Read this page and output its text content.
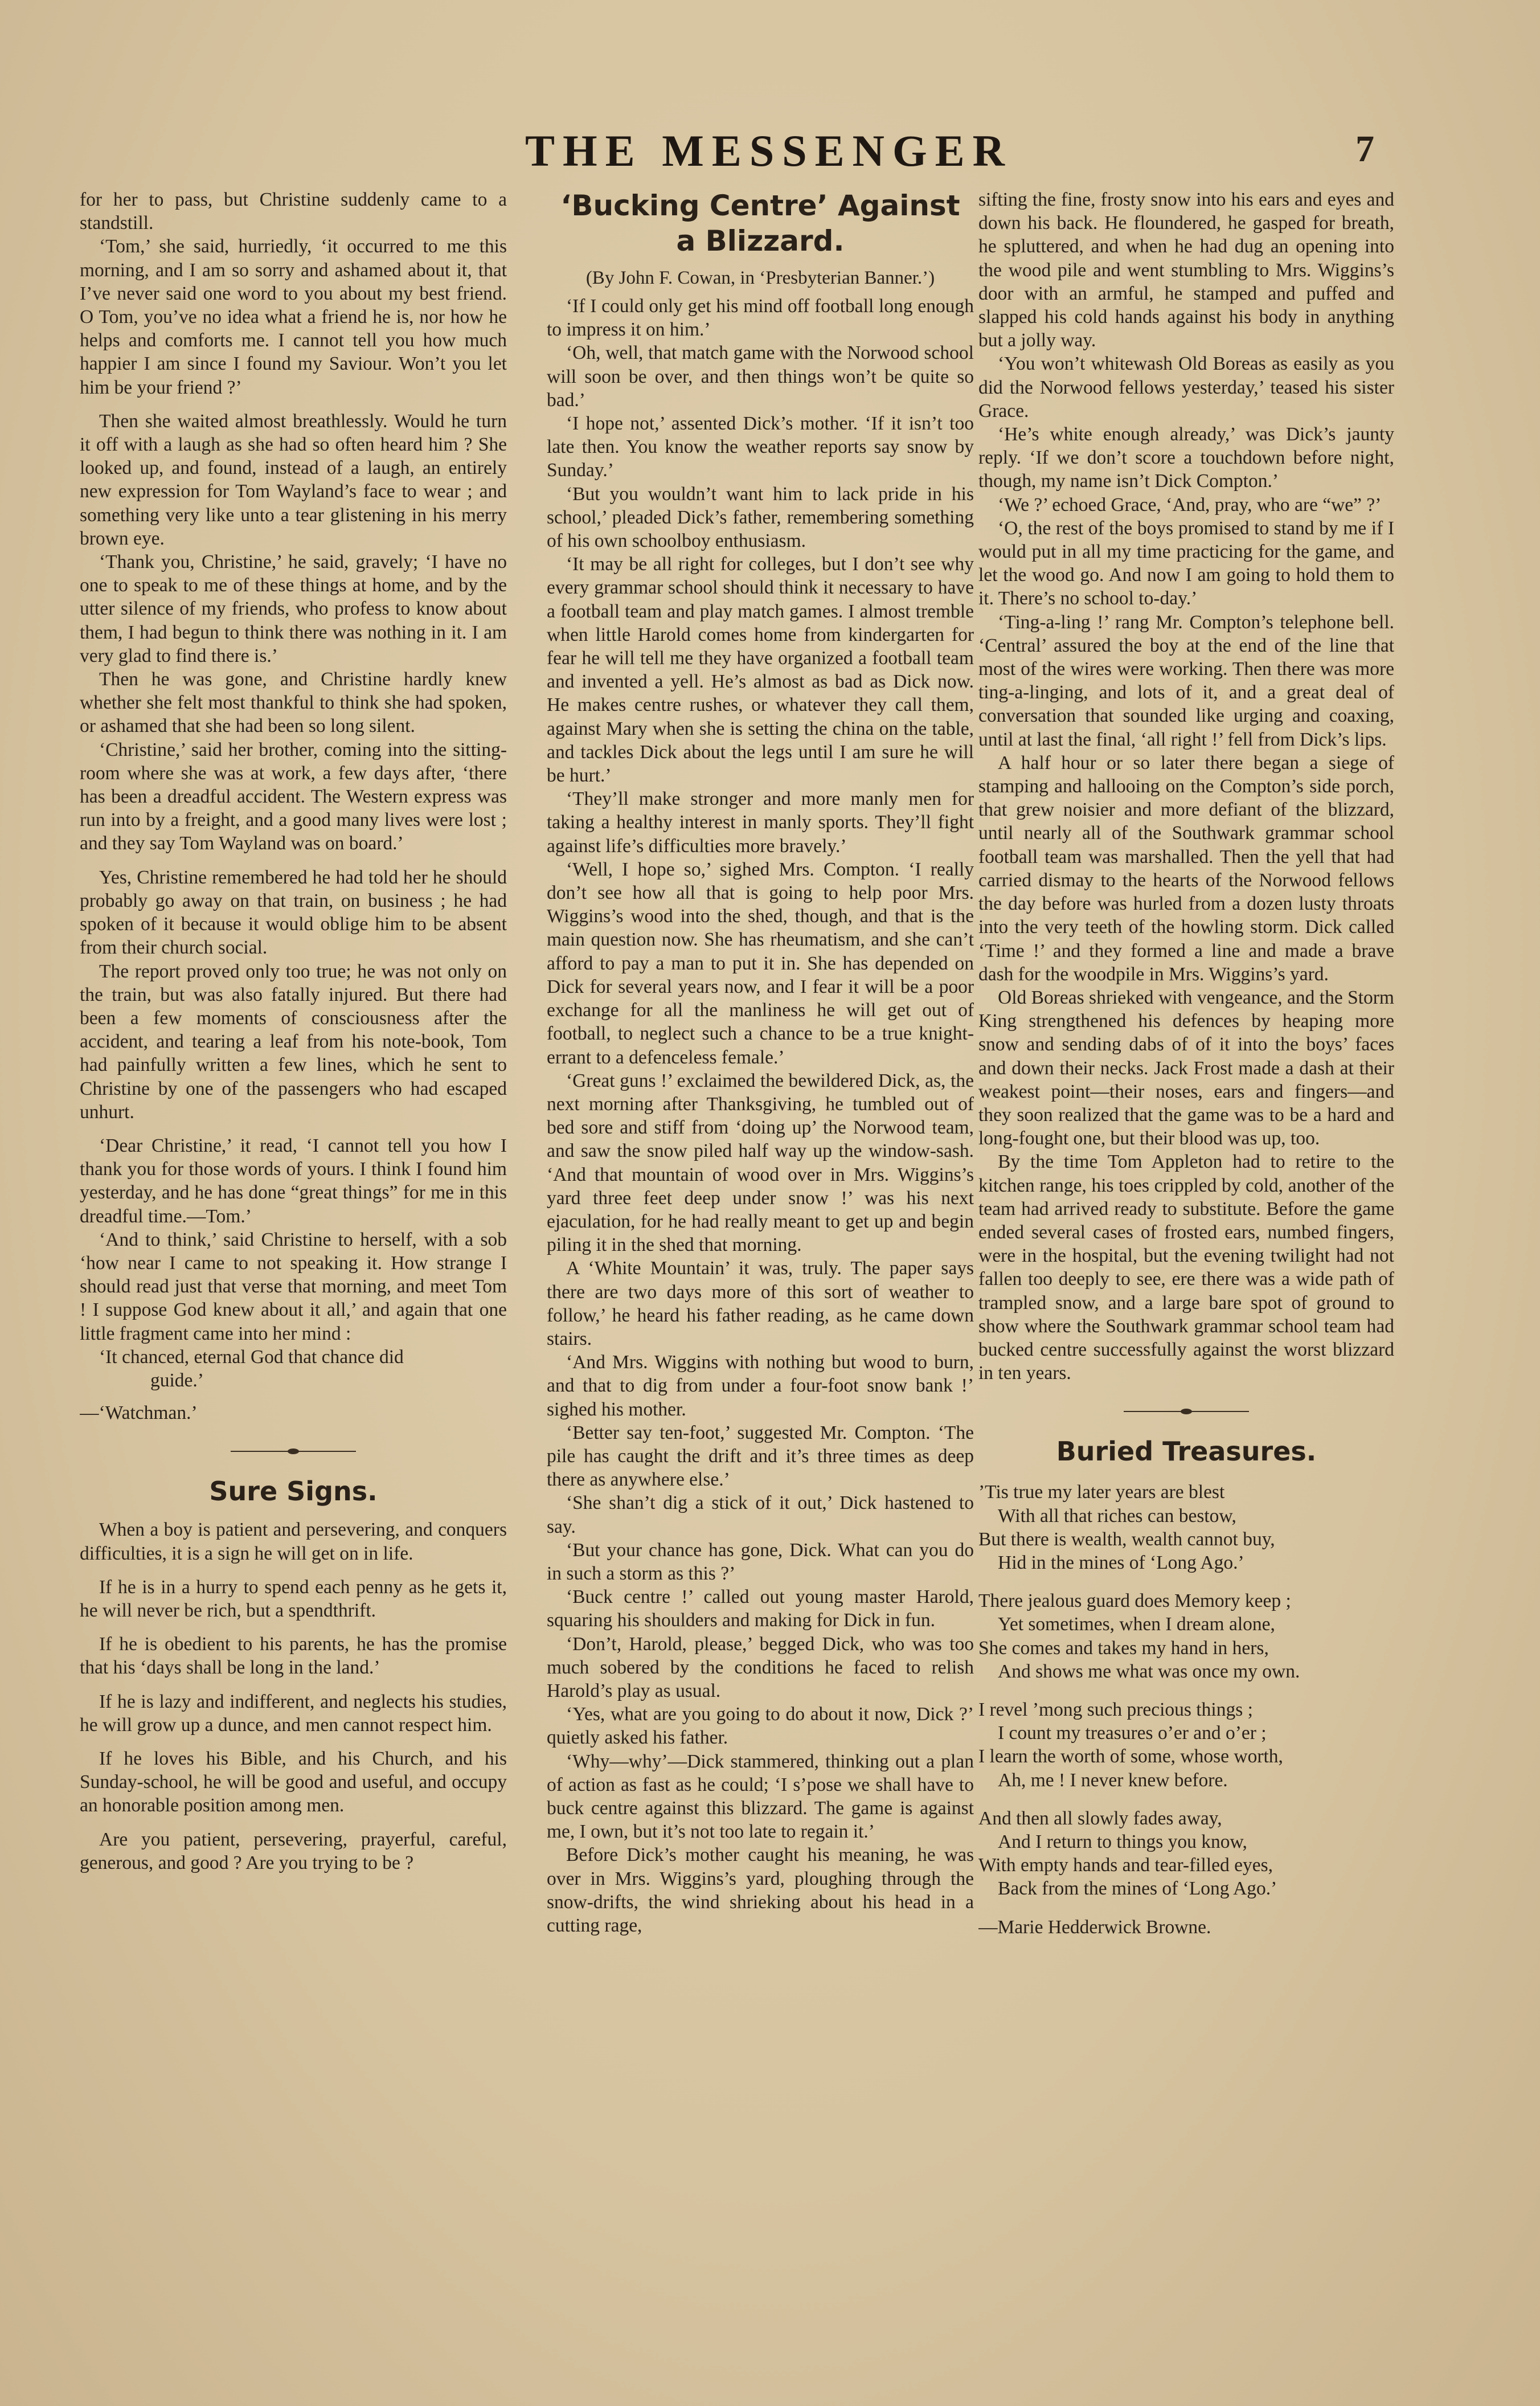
THE MESSENGER	7

for her to pass, but Christine suddenly came to a standstill.

‘Tom,’ she said, hurriedly, ‘it occurred to me this morning, and I am so sorry and ashamed about it, that I’ve never said one word to you about my best friend. O Tom, you’ve no idea what a friend he is, nor how he helps and comforts me. I cannot tell you how much happier I am since I found my Saviour. Won’t you let him be your friend ?’

Then she waited almost breathlessly. Would he turn it off with a laugh as she had so often heard him ? She looked up, and found, instead of a laugh, an entirely new expression for Tom Wayland’s face to wear ; and something very like unto a tear glistening in his merry brown eye.

‘Thank you, Christine,’ he said, gravely; ‘I have no one to speak to me of these things at home, and by the utter silence of my friends, who profess to know about them, I had begun to think there was nothing in it. I am very glad to find there is.’

Then he was gone, and Christine hardly knew whether she felt most thankful to think she had spoken, or ashamed that she had been so long silent.

‘Christine,’ said her brother, coming into the sitting-room where she was at work, a few days after, ‘there has been a dreadful accident. The Western express was run into by a freight, and a good many lives were lost ; and they say Tom Wayland was on board.’

Yes, Christine remembered he had told her he should probably go away on that train, on business ; he had spoken of it because it would oblige him to be absent from their church social.

The report proved only too true; he was not only on the train, but was also fatally injured. But there had been a few moments of consciousness after the accident, and tearing a leaf from his note-book, Tom had painfully written a few lines, which he sent to Christine by one of the passengers who had escaped unhurt.

‘Dear Christine,’ it read, ‘I cannot tell you how I thank you for those words of yours. I think I found him yesterday, and he has done “great things” for me in this dreadful time.—Tom.’

‘And to think,’ said Christine to herself, with a sob ‘how near I came to not speaking it. How strange I should read just that verse that morning, and meet Tom ! I suppose God knew about it all,’ and again that one little fragment came into her mind :

‘It chanced, eternal God that chance did
guide.’

—‘Watchman.’

Sure Signs.

When a boy is patient and persevering, and conquers difficulties, it is a sign he will get on in life.

If he is in a hurry to spend each penny as he gets it, he will never be rich, but a spendthrift.

If he is obedient to his parents, he has the promise that his ‘days shall be long in the land.’

If he is lazy and indifferent, and neglects his studies, he will grow up a dunce, and men cannot respect him.

If he loves his Bible, and his Church, and his Sunday-school, he will be good and useful, and occupy an honorable position among men.

Are you patient, persevering, prayerful, careful, generous, and good ? Are you trying to be ?

‘Bucking Centre’ Against a Blizzard.
(By John F. Cowan, in ‘Presbyterian Banner.’)

‘If I could only get his mind off football long enough to impress it on him.’

‘Oh, well, that match game with the Norwood school will soon be over, and then things won’t be quite so bad.’

‘I hope not,’ assented Dick’s mother. ‘If it isn’t too late then. You know the weather reports say snow by Sunday.’

‘But you wouldn’t want him to lack pride in his school,’ pleaded Dick’s father, remembering something of his own schoolboy enthusiasm.

‘It may be all right for colleges, but I don’t see why every grammar school should think it necessary to have a football team and play match games. I almost tremble when little Harold comes home from kindergarten for fear he will tell me they have organized a football team and invented a yell. He’s almost as bad as Dick now. He makes centre rushes, or whatever they call them, against Mary when she is setting the china on the table, and tackles Dick about the legs until I am sure he will be hurt.’

‘They’ll make stronger and more manly men for taking a healthy interest in manly sports. They’ll fight against life’s difficulties more bravely.’

‘Well, I hope so,’ sighed Mrs. Compton. ‘I really don’t see how all that is going to help poor Mrs. Wiggins’s wood into the shed, though, and that is the main question now. She has rheumatism, and she can’t afford to pay a man to put it in. She has depended on Dick for several years now, and I fear it will be a poor exchange for all the manliness he will get out of football, to neglect such a chance to be a true knight-errant to a defenceless female.’

‘Great guns !’ exclaimed the bewildered Dick, as, the next morning after Thanksgiving, he tumbled out of bed sore and stiff from ‘doing up’ the Norwood team, and saw the snow piled half way up the window-sash. ‘And that mountain of wood over in Mrs. Wiggins’s yard three feet deep under snow !’ was his next ejaculation, for he had really meant to get up and begin piling it in the shed that morning.

A ‘White Mountain’ it was, truly. The paper says there are two days more of this sort of weather to follow,’ he heard his father reading, as he came down stairs.

‘And Mrs. Wiggins with nothing but wood to burn, and that to dig from under a four-foot snow bank !’ sighed his mother.

‘Better say ten-foot,’ suggested Mr. Compton. ‘The pile has caught the drift and it’s three times as deep there as anywhere else.’

‘She shan’t dig a stick of it out,’ Dick hastened to say.

‘But your chance has gone, Dick. What can you do in such a storm as this ?’

‘Buck centre !’ called out young master Harold, squaring his shoulders and making for Dick in fun.

‘Don’t, Harold, please,’ begged Dick, who was too much sobered by the conditions he faced to relish Harold’s play as usual.

‘Yes, what are you going to do about it now, Dick ?’ quietly asked his father.

‘Why—why’—Dick stammered, thinking out a plan of action as fast as he could; ‘I s’pose we shall have to buck centre against this blizzard. The game is against me, I own, but it’s not too late to regain it.’

Before Dick’s mother caught his meaning, he was over in Mrs. Wiggins’s yard, ploughing through the snow-drifts, the wind shrieking about his head in a cutting rage,

sifting the fine, frosty snow into his ears and eyes and down his back. He floundered, he gasped for breath, he spluttered, and when he had dug an opening into the wood pile and went stumbling to Mrs. Wiggins’s door with an armful, he stamped and puffed and slapped his cold hands against his body in anything but a jolly way.

‘You won’t whitewash Old Boreas as easily as you did the Norwood fellows yesterday,’ teased his sister Grace.

‘He’s white enough already,’ was Dick’s jaunty reply. ‘If we don’t score a touchdown before night, though, my name isn’t Dick Compton.’

‘We ?’ echoed Grace, ‘And, pray, who are “we” ?’

‘O, the rest of the boys promised to stand by me if I would put in all my time practicing for the game, and let the wood go. And now I am going to hold them to it. There’s no school to-day.’

‘Ting-a-ling !’ rang Mr. Compton’s telephone bell. ‘Central’ assured the boy at the end of the line that most of the wires were working. Then there was more ting-a-linging, and lots of it, and a great deal of conversation that sounded like urging and coaxing, until at last the final, ‘all right !’ fell from Dick’s lips.

A half hour or so later there began a siege of stamping and hallooing on the Compton’s side porch, that grew noisier and more defiant of the blizzard, until nearly all of the Southwark grammar school football team was marshalled. Then the yell that had carried dismay to the hearts of the Norwood fellows the day before was hurled from a dozen lusty throats into the very teeth of the howling storm. Dick called ‘Time !’ and they formed a line and made a brave dash for the woodpile in Mrs. Wiggins’s yard.

Old Boreas shrieked with vengeance, and the Storm King strengthened his defences by heaping more snow and sending dabs of of it into the boys’ faces and down their necks. Jack Frost made a dash at their weakest point—their noses, ears and fingers—and they soon realized that the game was to be a hard and long-fought one, but their blood was up, too.

By the time Tom Appleton had to retire to the kitchen range, his toes crippled by cold, another of the team had arrived ready to substitute. Before the game ended several cases of frosted ears, numbed fingers, were in the hospital, but the evening twilight had not fallen too deeply to see, ere there was a wide path of trampled snow, and a large bare spot of ground to show where the Southwark grammar school team had bucked centre successfully against the worst blizzard in ten years.

Buried Treasures.
’Tis true my later years are blest
With all that riches can bestow,
But there is wealth, wealth cannot buy,
Hid in the mines of ‘Long Ago.’
There jealous guard does Memory keep ;
Yet sometimes, when I dream alone,
She comes and takes my hand in hers,
And shows me what was once my own.
I revel ’mong such precious things ;
I count my treasures o’er and o’er ;
I learn the worth of some, whose worth,
Ah, me ! I never knew before.
And then all slowly fades away,
And I return to things you know,
With empty hands and tear-filled eyes,
Back from the mines of ‘Long Ago.’

—Marie Hedderwick Browne.
